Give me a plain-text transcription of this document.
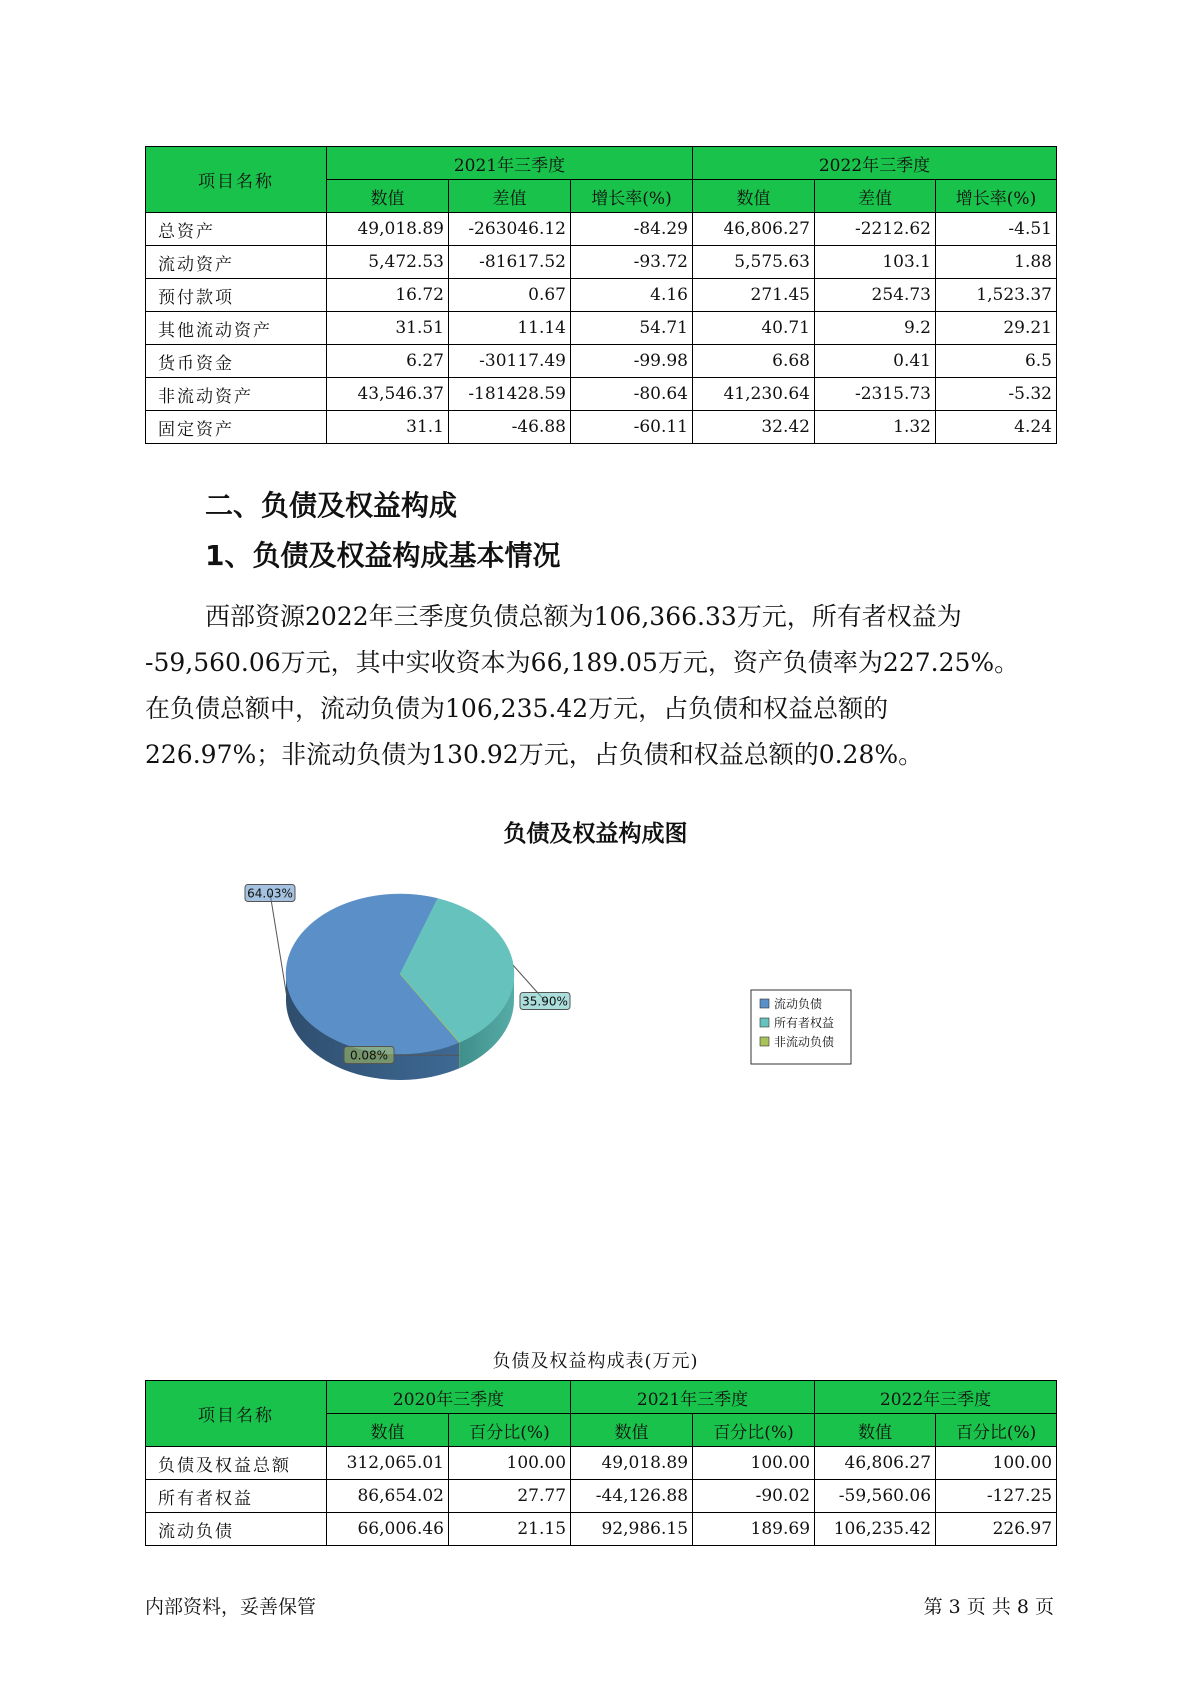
项目名称	2021年三季度			2022年三季度		
	数值	差值	增长率(%)	数值	差值	增长率(%)
总资产	49,018.89	-263046.12	-84.29	46,806.27	-2212.62	-4.51
流动资产	5,472.53	-81617.52	-93.72	5,575.63	103.1	1.88
预付款项	16.72	0.67	4.16	271.45	254.73	1,523.37
其他流动资产	31.51	11.14	54.71	40.71	9.2	29.21
货币资金	6.27	-30117.49	-99.98	6.68	0.41	6.5
非流动资产	43,546.37	-181428.59	-80.64	41,230.64	-2315.73	-5.32
固定资产	31.1	-46.88	-60.11	32.42	1.32	4.24
二、负债及权益构成
1、负债及权益构成基本情况
西部资源2022年三季度负债总额为106,366.33万元，所有者权益为
-59,560.06万元，其中实收资本为66,189.05万元，资产负债率为227.25%。
在负债总额中，流动负债为106,235.42万元，占负债和权益总额的
226.97%；非流动负债为130.92万元，占负债和权益总额的0.28%。
负债及权益构成图
64.03%
35.90%
0.08%
流动负债
所有者权益
非流动负债
负债及权益构成表(万元)
项目名称	2020年三季度		2021年三季度		2022年三季度	
	数值	百分比(%)	数值	百分比(%)	数值	百分比(%)
负债及权益总额	312,065.01	100.00	49,018.89	100.00	46,806.27	100.00
所有者权益	86,654.02	27.77	-44,126.88	-90.02	-59,560.06	-127.25
流动负债	66,006.46	21.15	92,986.15	189.69	106,235.42	226.97
内部资料，妥善保管	第 3 页 共 8 页
